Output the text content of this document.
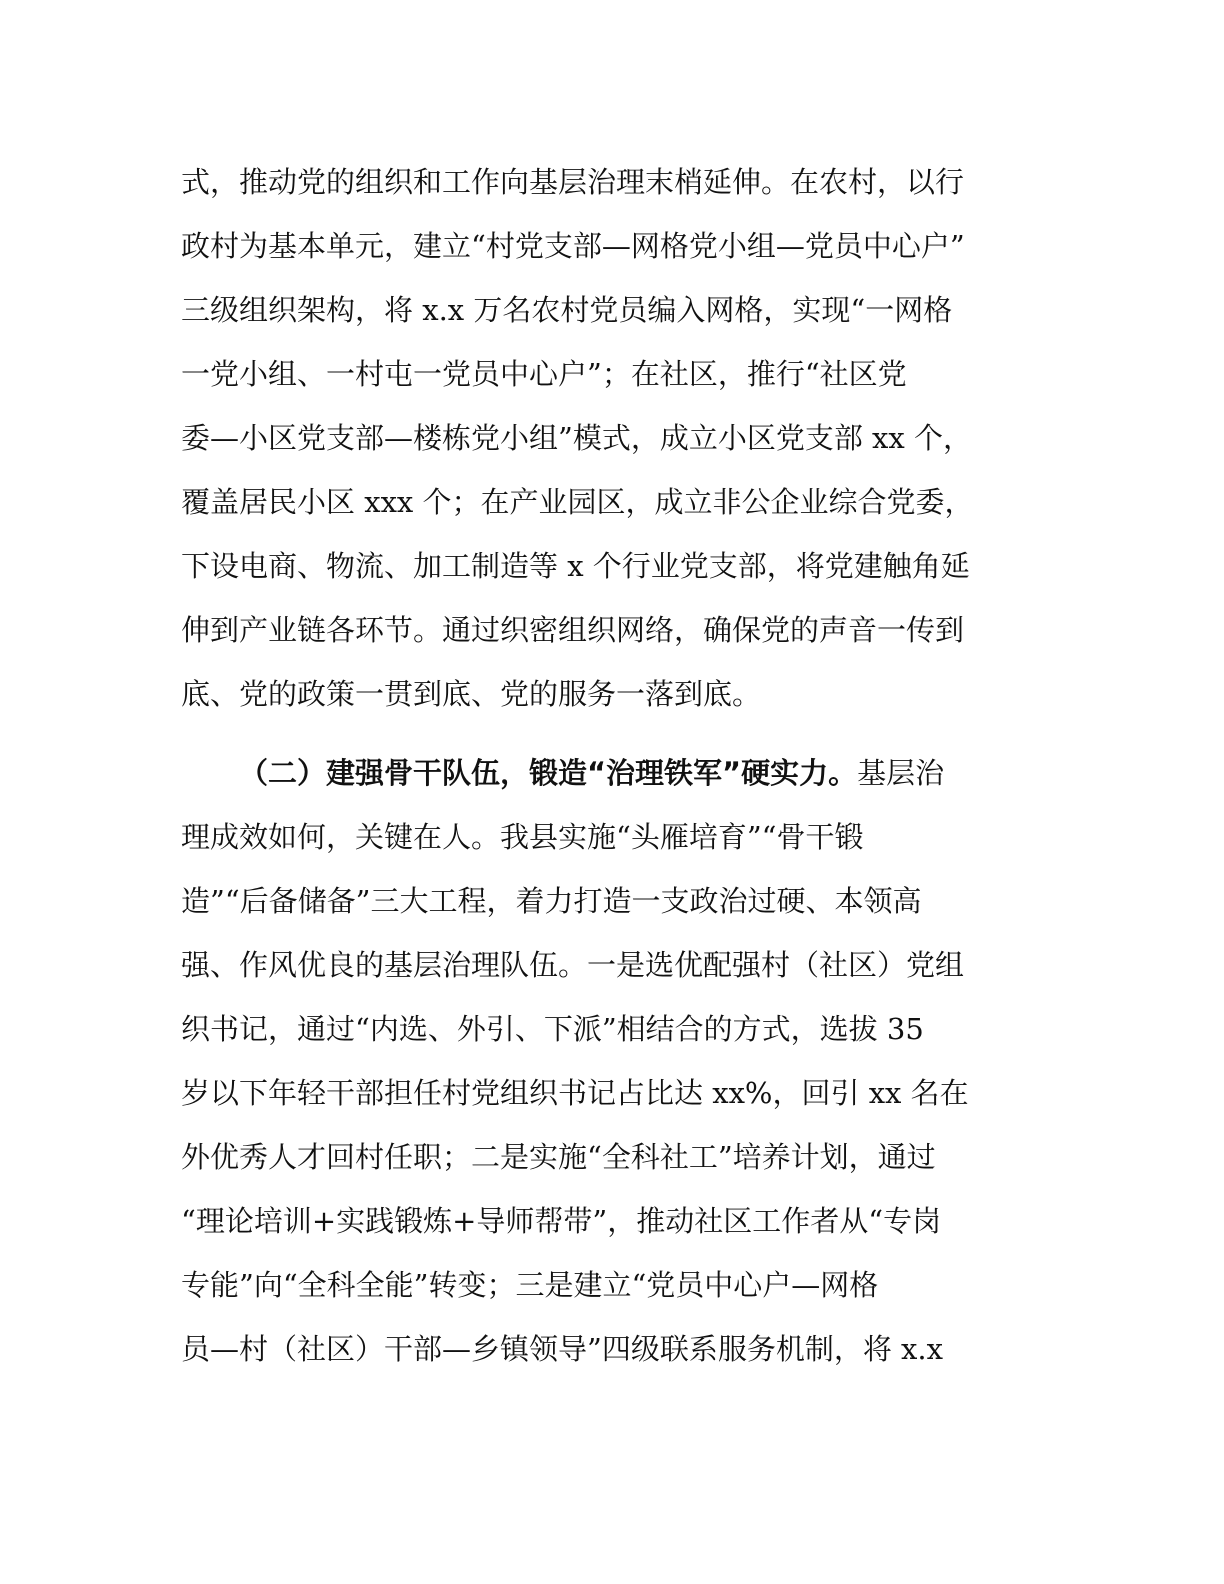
式，推动党的组织和工作向基层治理末梢延伸。在农村，以行
政村为基本单元，建立“村党支部—网格党小组—党员中心户”
三级组织架构，将 x.x 万名农村党员编入网格，实现“一网格
一党小组、一村屯一党员中心户”；在社区，推行“社区党
委—小区党支部—楼栋党小组”模式，成立小区党支部 xx 个，
覆盖居民小区 xxx 个；在产业园区，成立非公企业综合党委，
下设电商、物流、加工制造等 x 个行业党支部，将党建触角延
伸到产业链各环节。通过织密组织网络，确保党的声音一传到
底、党的政策一贯到底、党的服务一落到底。
（二）建强骨干队伍，锻造“治理铁军”硬实力。基层治
理成效如何，关键在人。我县实施“头雁培育”“骨干锻
造”“后备储备”三大工程，着力打造一支政治过硬、本领高
强、作风优良的基层治理队伍。一是选优配强村（社区）党组
织书记，通过“内选、外引、下派”相结合的方式，选拔 35
岁以下年轻干部担任村党组织书记占比达 xx%，回引 xx 名在
外优秀人才回村任职；二是实施“全科社工”培养计划，通过
“理论培训+实践锻炼+导师帮带”，推动社区工作者从“专岗
专能”向“全科全能”转变；三是建立“党员中心户—网格
员—村（社区）干部—乡镇领导”四级联系服务机制，将 x.x
